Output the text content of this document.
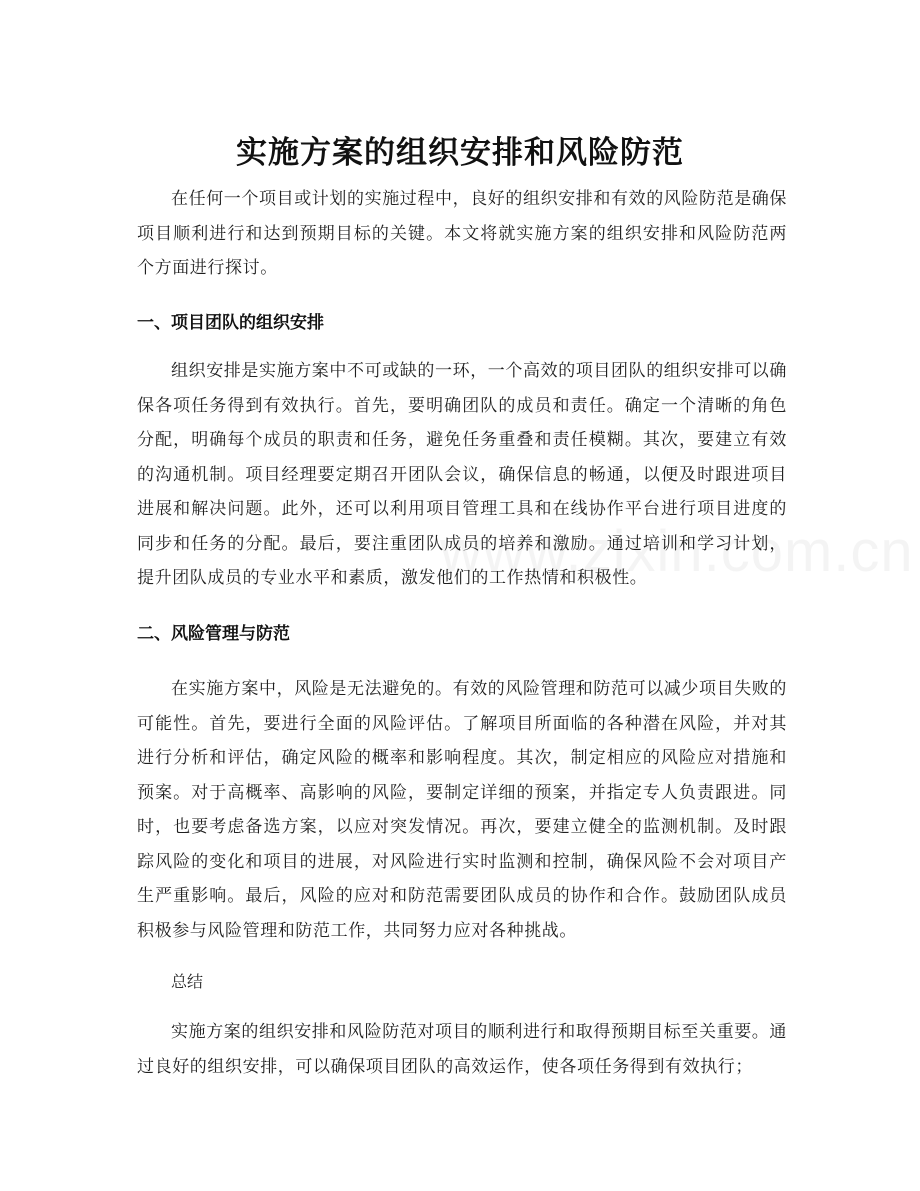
实施方案的组织安排和风险防范

在任何一个项目或计划的实施过程中，良好的组织安排和有效的风险防范是确保项目顺利进行和达到预期目标的关键。本文将就实施方案的组织安排和风险防范两个方面进行探讨。

一、项目团队的组织安排

组织安排是实施方案中不可或缺的一环，一个高效的项目团队的组织安排可以确保各项任务得到有效执行。首先，要明确团队的成员和责任。确定一个清晰的角色分配，明确每个成员的职责和任务，避免任务重叠和责任模糊。其次，要建立有效的沟通机制。项目经理要定期召开团队会议，确保信息的畅通，以便及时跟进项目进展和解决问题。此外，还可以利用项目管理工具和在线协作平台进行项目进度的同步和任务的分配。最后，要注重团队成员的培养和激励。通过培训和学习计划，提升团队成员的专业水平和素质，激发他们的工作热情和积极性。

二、风险管理与防范

在实施方案中，风险是无法避免的。有效的风险管理和防范可以减少项目失败的可能性。首先，要进行全面的风险评估。了解项目所面临的各种潜在风险，并对其进行分析和评估，确定风险的概率和影响程度。其次，制定相应的风险应对措施和预案。对于高概率、高影响的风险，要制定详细的预案，并指定专人负责跟进。同时，也要考虑备选方案，以应对突发情况。再次，要建立健全的监测机制。及时跟踪风险的变化和项目的进展，对风险进行实时监测和控制，确保风险不会对项目产生严重影响。最后，风险的应对和防范需要团队成员的协作和合作。鼓励团队成员积极参与风险管理和防范工作，共同努力应对各种挑战。

总结

实施方案的组织安排和风险防范对项目的顺利进行和取得预期目标至关重要。通过良好的组织安排，可以确保项目团队的高效运作，使各项任务得到有效执行；
